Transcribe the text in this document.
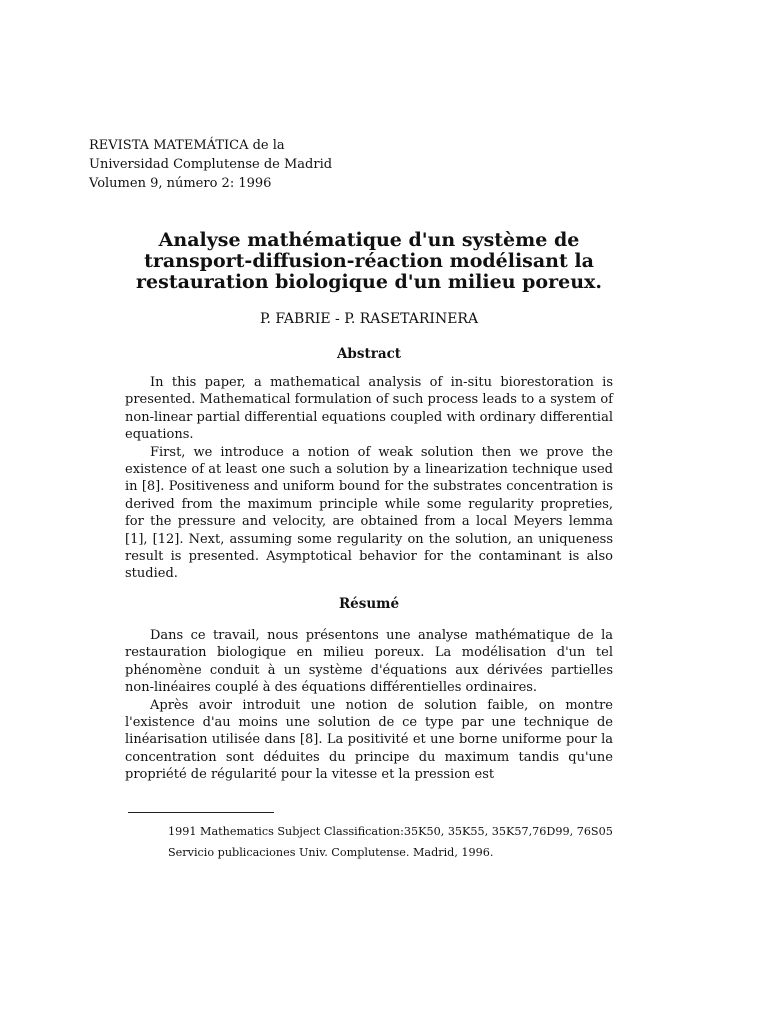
REVISTA MATEMÁTICA de la
Universidad Complutense de Madrid
Volumen 9, número 2: 1996
Analyse mathématique d'un système de
transport-diffusion-réaction modélisant la
restauration biologique d'un milieu poreux.
P. FABRIE - P. RASETARINERA
Abstract

In this paper, a mathematical analysis of in-situ biorestoration is presented. Mathematical formulation of such process leads to a system of non-linear partial differential equations coupled with ordinary differential equations.

First, we introduce a notion of weak solution then we prove the existence of at least one such a solution by a linearization technique used in [8]. Positiveness and uniform bound for the substrates concentration is derived from the maximum principle while some regularity propreties, for the pressure and velocity, are obtained from a local Meyers lemma [1], [12]. Next, assuming some regularity on the solution, an uniqueness result is presented. Asymptotical behavior for the contaminant is also studied.

Résumé

Dans ce travail, nous présentons une analyse mathématique de la restauration biologique en milieu poreux. La modélisation d'un tel phénomène conduit à un système d'équations aux dérivées partielles non-linéaires couplé à des équations différentielles ordinaires.

Après avoir introduit une notion de solution faible, on montre l'existence d'au moins une solution de ce type par une technique de linéarisation utilisée dans [8]. La positivité et une borne uniforme pour la concentration sont déduites du principe du maximum tandis qu'une propriété de régularité pour la vitesse et la pression est

1991 Mathematics Subject Classification:35K50, 35K55, 35K57,76D99, 76S05

Servicio publicaciones Univ. Complutense. Madrid, 1996.
